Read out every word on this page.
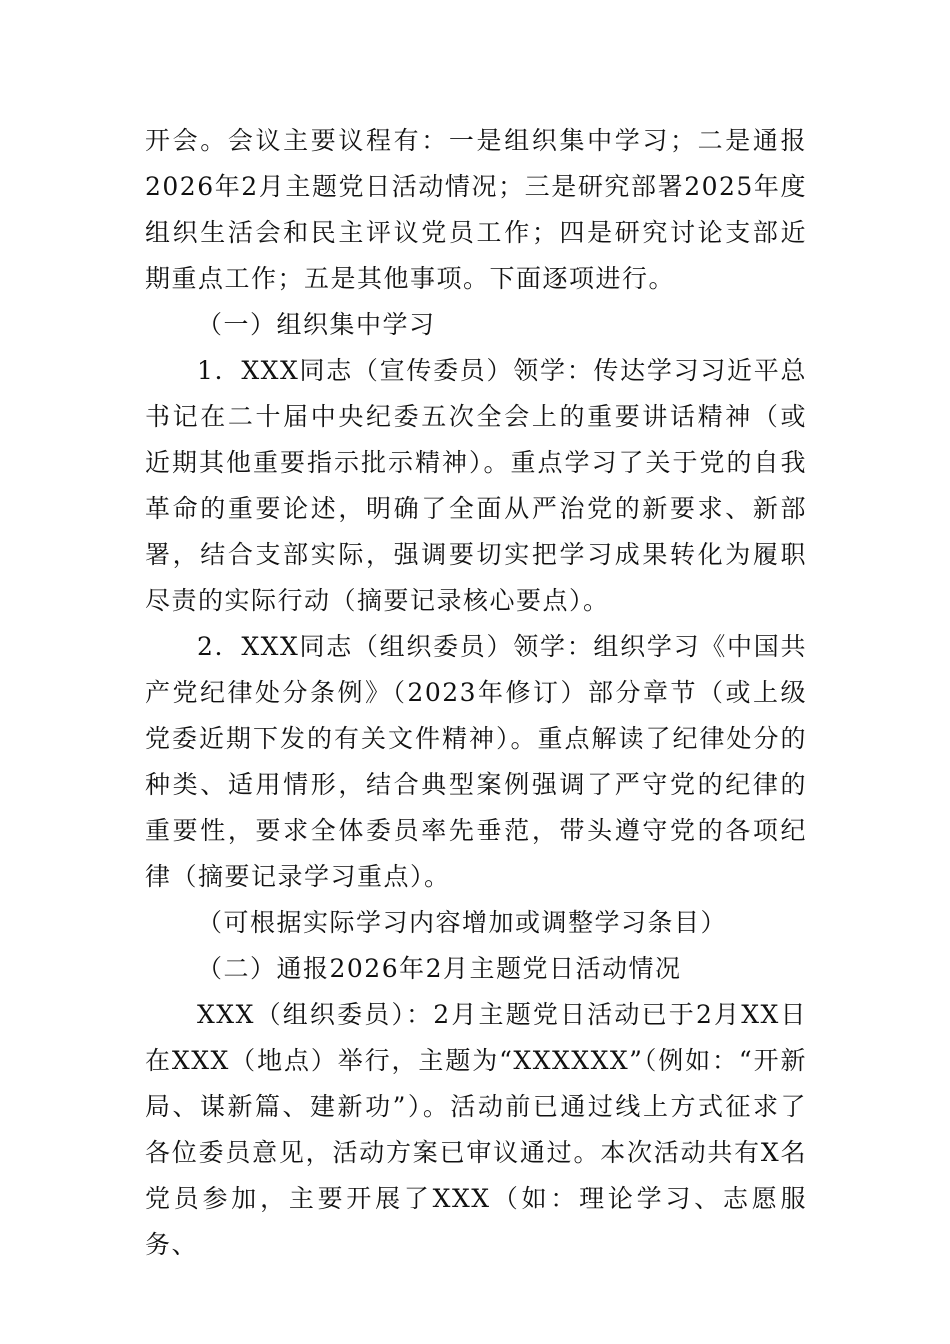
开会。会议主要议程有：一是组织集中学习；二是通报2026年2月主题党日活动情况；三是研究部署2025年度组织生活会和民主评议党员工作；四是研究讨论支部近期重点工作；五是其他事项。下面逐项进行。

（一）组织集中学习

1．XXX同志（宣传委员）领学：传达学习习近平总书记在二十届中央纪委五次全会上的重要讲话精神（或近期其他重要指示批示精神）。重点学习了关于党的自我革命的重要论述，明确了全面从严治党的新要求、新部署，结合支部实际，强调要切实把学习成果转化为履职尽责的实际行动（摘要记录核心要点）。

2．XXX同志（组织委员）领学：组织学习《中国共产党纪律处分条例》（2023年修订）部分章节（或上级党委近期下发的有关文件精神）。重点解读了纪律处分的种类、适用情形，结合典型案例强调了严守党的纪律的重要性，要求全体委员率先垂范，带头遵守党的各项纪律（摘要记录学习重点）。

（可根据实际学习内容增加或调整学习条目）

（二）通报2026年2月主题党日活动情况

XXX（组织委员）：2月主题党日活动已于2月XX日在XXX（地点）举行，主题为“XXXXXX”（例如：“开新局、谋新篇、建新功”）。活动前已通过线上方式征求了各位委员意见，活动方案已审议通过。本次活动共有X名党员参加，主要开展了XXX（如：理论学习、志愿服务、
